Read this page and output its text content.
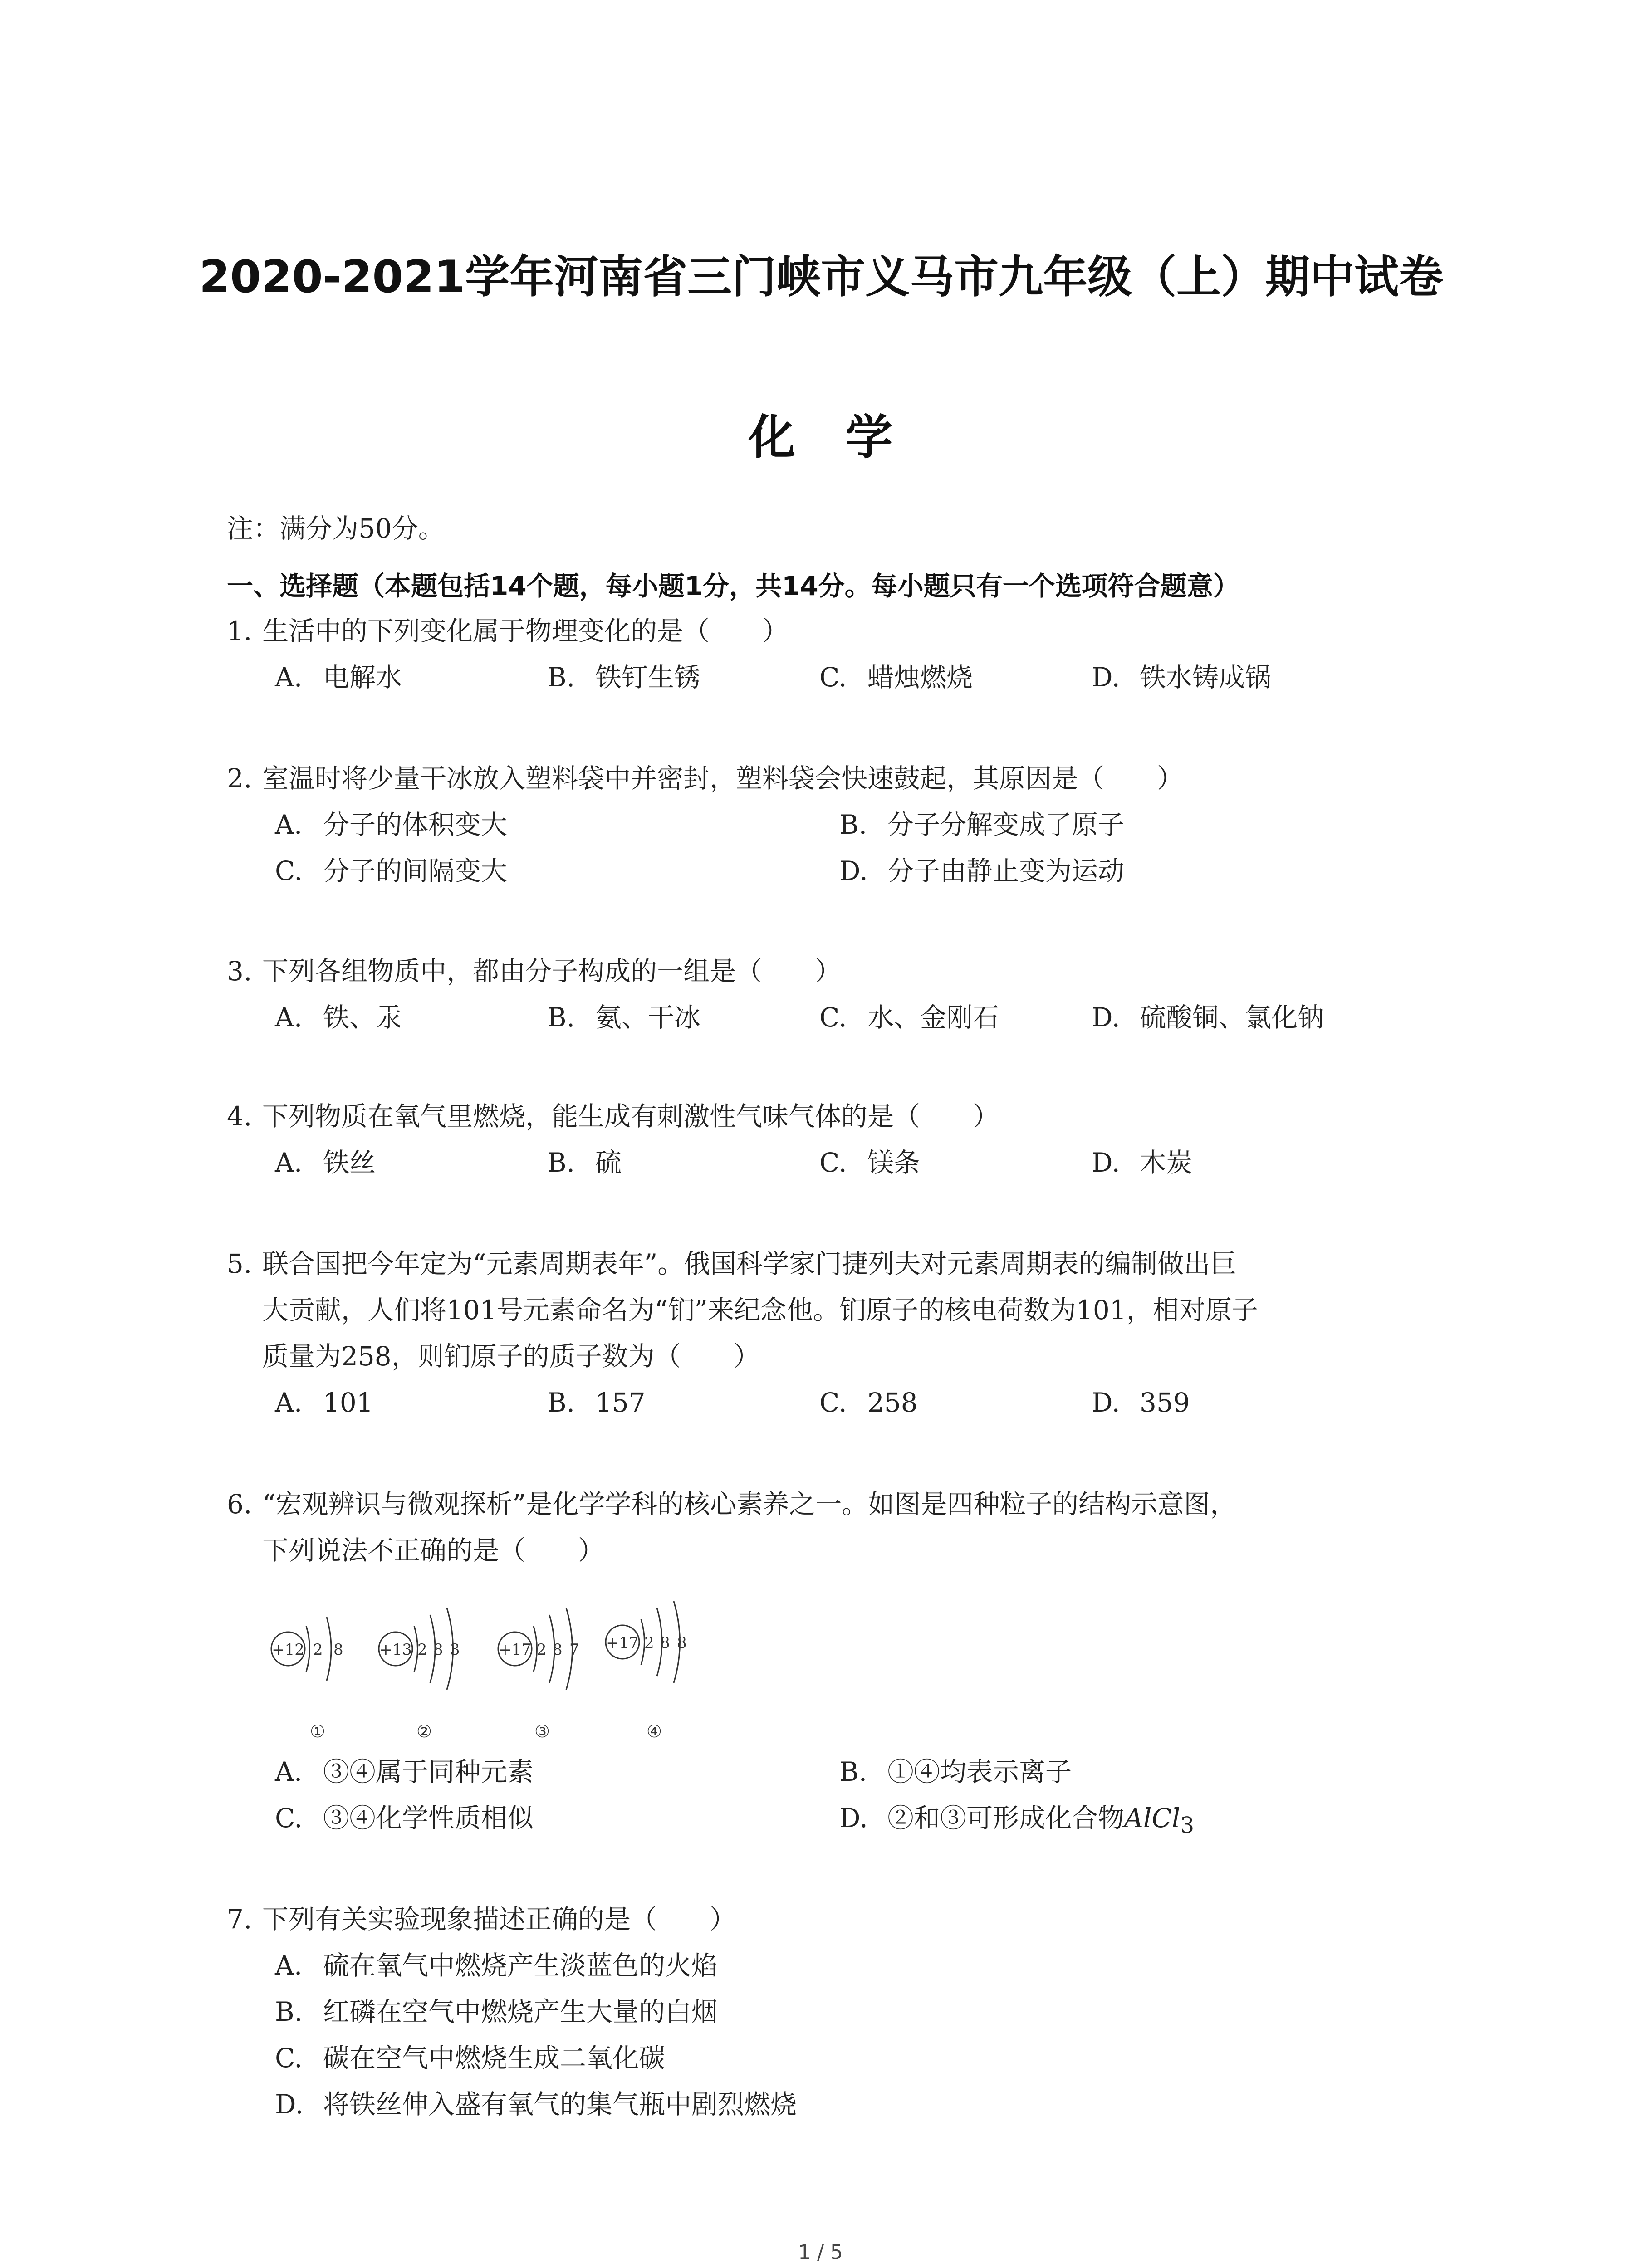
2020-2021学年河南省三门峡市义马市九年级（上）期中试卷
化学
注：满分为50分。
一、选择题（本题包括14个题，每小题1分，共14分。每小题只有一个选项符合题意）
1. 生活中的下列变化属于物理变化的是（　　）
A. 电解水	B. 铁钉生锈	C. 蜡烛燃烧	D. 铁水铸成锅
2. 室温时将少量干冰放入塑料袋中并密封，塑料袋会快速鼓起，其原因是（　　）
A. 分子的体积变大	B. 分子分解变成了原子
C. 分子的间隔变大	D. 分子由静止变为运动
3. 下列各组物质中，都由分子构成的一组是（　　）
A. 铁、汞	B. 氨、干冰	C. 水、金刚石	D. 硫酸铜、氯化钠
4. 下列物质在氧气里燃烧，能生成有刺激性气味气体的是（　　）
A. 铁丝	B. 硫	C. 镁条	D. 木炭
5. 联合国把今年定为“元素周期表年”。俄国科学家门捷列夫对元素周期表的编制做出巨
大贡献，人们将101号元素命名为“钔”来纪念他。钔原子的核电荷数为101，相对原子
质量为258，则钔原子的质子数为（　　）
A. 101	B. 157	C. 258	D. 359
6. “宏观辨识与微观探析”是化学学科的核心素养之一。如图是四种粒子的结构示意图，
下列说法不正确的是（　　）
+12 2 8
①
+13 2 8 3
②
+17 2 8 7
③
+17 2 8 8
④
A. ③④属于同种元素	B. ①④均表示离子
C. ③④化学性质相似	D. ②和③可形成化合物AlCl$_3$
7. 下列有关实验现象描述正确的是（　　）
A. 硫在氧气中燃烧产生淡蓝色的火焰
B. 红磷在空气中燃烧产生大量的白烟
C. 碳在空气中燃烧生成二氧化碳
D. 将铁丝伸入盛有氧气的集气瓶中剧烈燃烧
1 / 5
